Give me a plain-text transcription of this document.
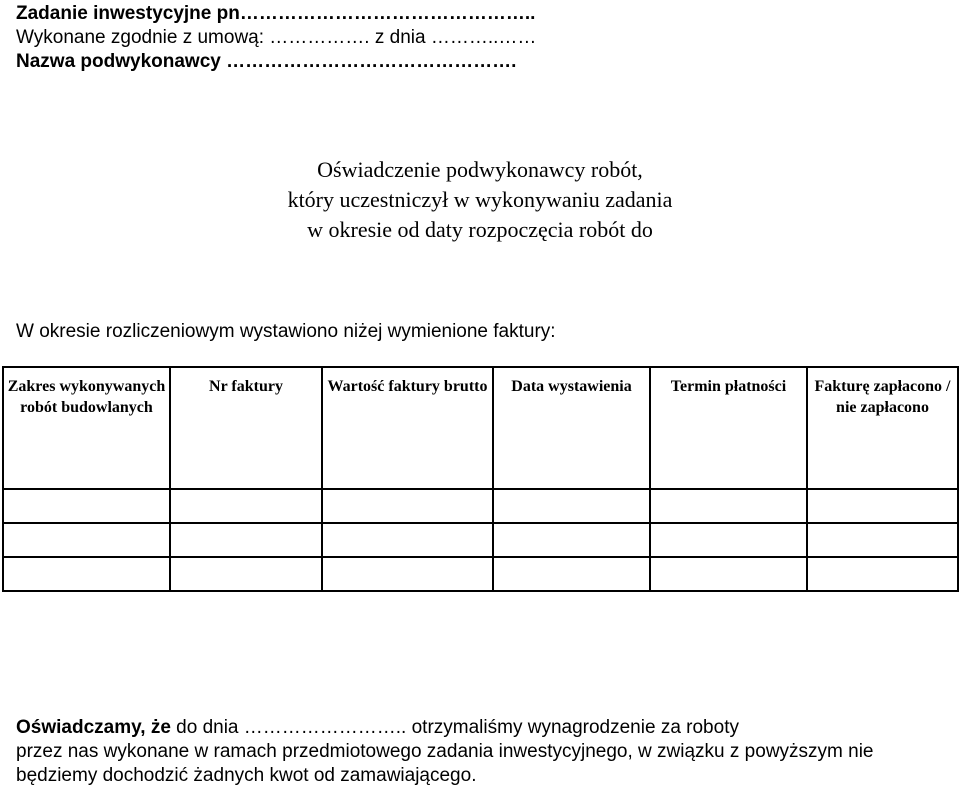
Zadanie inwestycyjne pn………………………………………..
Wykonane zgodnie z umową: ……………. z dnia ………..……
Nazwa podwykonawcy ……………………………………….
Oświadczenie podwykonawcy robót,
który uczestniczył w wykonywaniu zadania
w okresie od daty rozpoczęcia robót do
W okresie rozliczeniowym wystawiono niżej wymienione faktury:
Zakres wykonywanych robót budowlanych	Nr faktury	Wartość faktury brutto	Data wystawienia	Termin płatności	Fakturę zapłacono / nie zapłacono

Oświadczamy, że do dnia …………………….. otrzymaliśmy wynagrodzenie za roboty
przez nas wykonane w ramach przedmiotowego zadania inwestycyjnego, w związku z powyższym nie
będziemy dochodzić żadnych kwot od zamawiającego.
